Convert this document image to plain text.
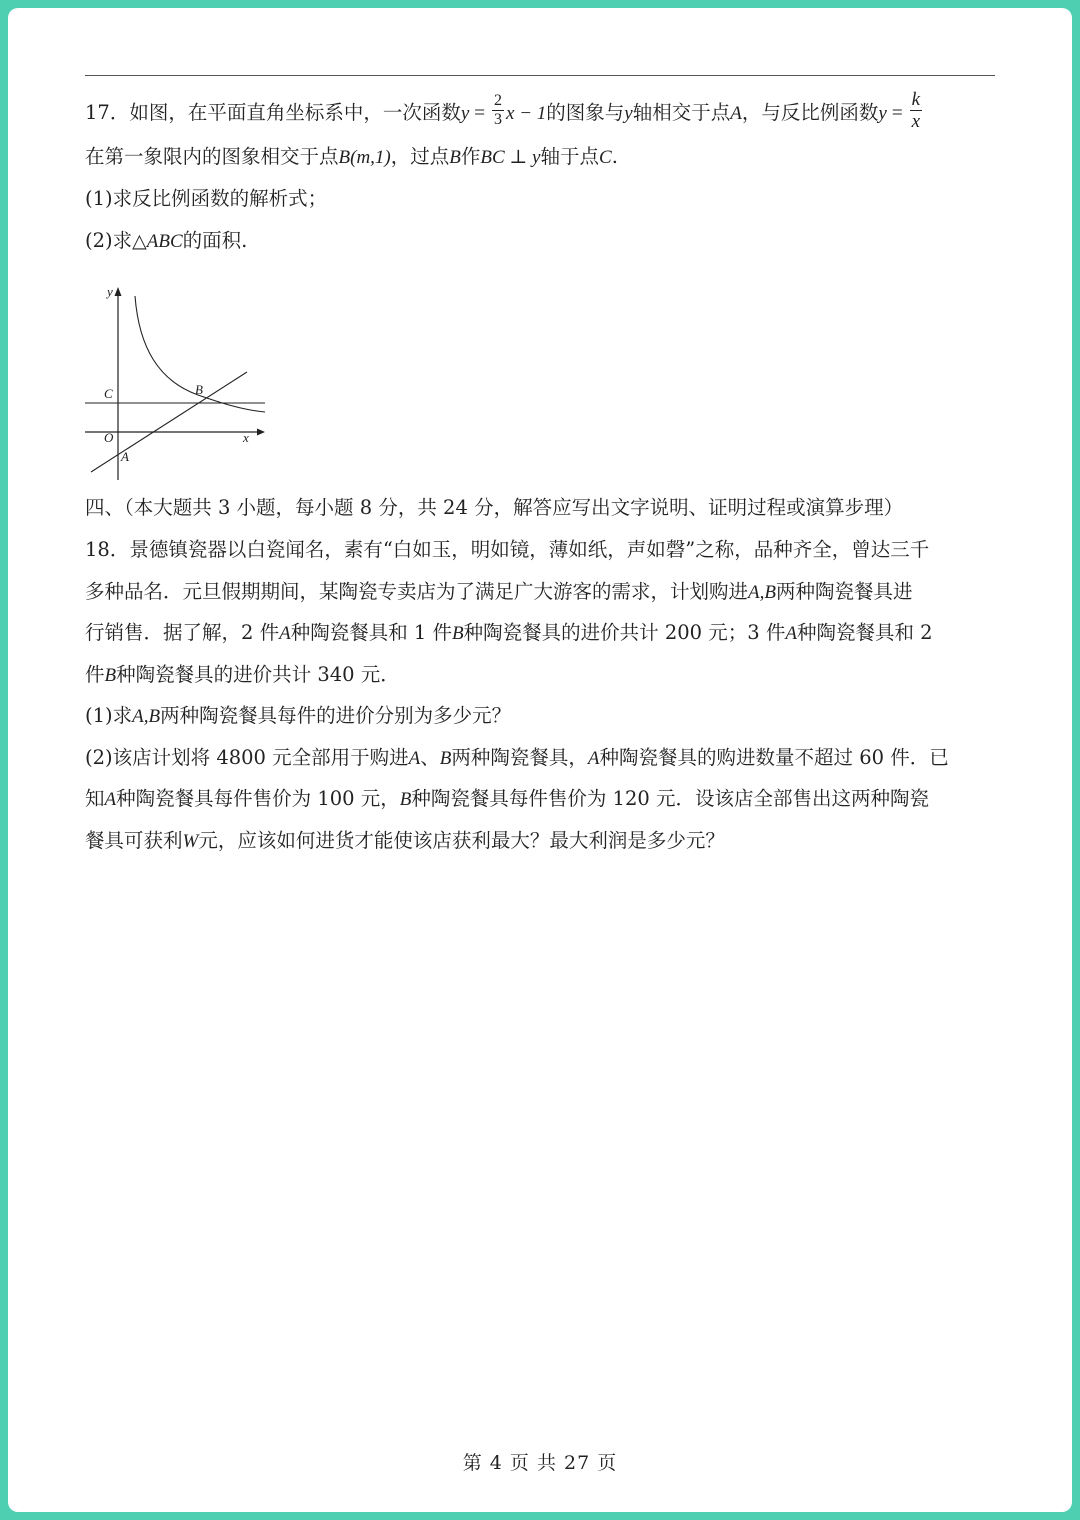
17．如图，在平面直角坐标系中，一次函数$y = \frac{2}{3}$ x − 1的图象与y轴相交于点A，与反比例函数$y = \frac{k}{x}$
在第一象限内的图象相交于点B(m,1)，过点B作BC ⊥ y轴于点C.
(1)求反比例函数的解析式；
(2)求△ABC的面积.
四、（本大题共 3 小题，每小题 8 分，共 24 分，解答应写出文字说明、证明过程或演算步理）
18．景德镇瓷器以白瓷闻名，素有“白如玉，明如镜，薄如纸，声如磬”之称，品种齐全，曾达三千
多种品名．元旦假期期间，某陶瓷专卖店为了满足广大游客的需求，计划购进A,B两种陶瓷餐具进
行销售．据了解，2 件A种陶瓷餐具和 1 件B种陶瓷餐具的进价共计 200 元；3 件A种陶瓷餐具和 2
件B种陶瓷餐具的进价共计 340 元．
(1)求A,B两种陶瓷餐具每件的进价分别为多少元？
(2)该店计划将 4800 元全部用于购进A、B两种陶瓷餐具，A种陶瓷餐具的购进数量不超过 60 件．已
知A种陶瓷餐具每件售价为 100 元，B种陶瓷餐具每件售价为 120 元．设该店全部售出这两种陶瓷
餐具可获利W元，应该如何进货才能使该店获利最大？最大利润是多少元？
y
x
O
A
B
C
第 4 页 共 27 页
